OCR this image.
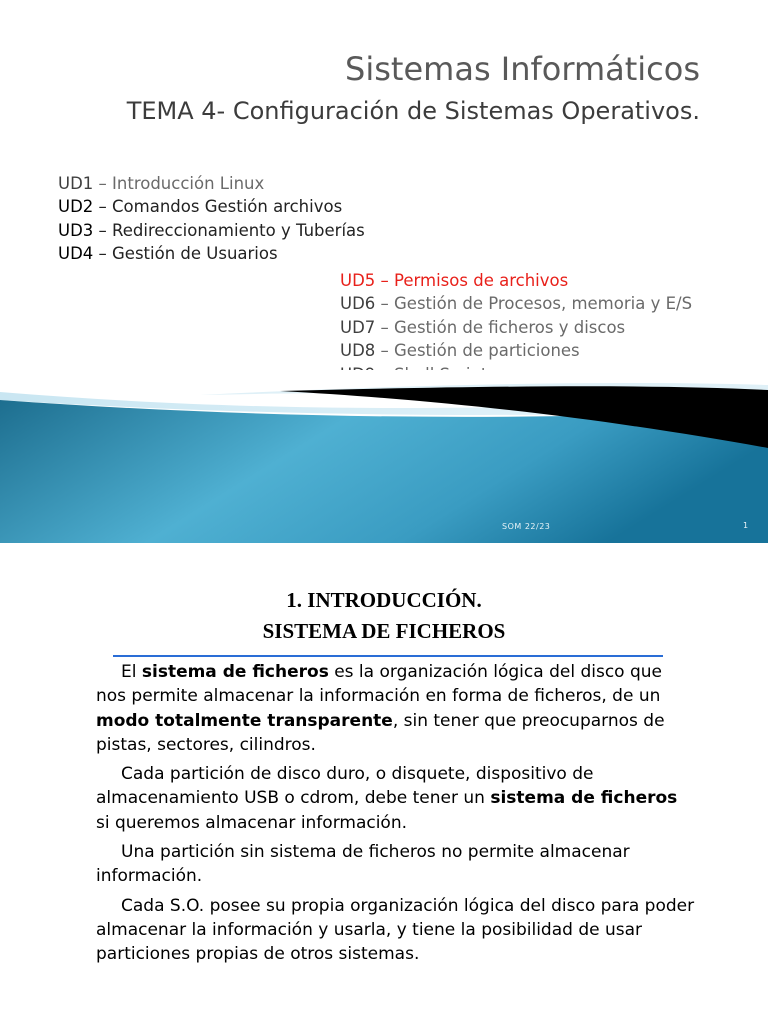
Sistemas Informáticos
TEMA 4- Configuración de Sistemas Operativos.
UD1 – Introducción Linux
UD2 – Comandos Gestión archivos
UD3 – Redireccionamiento y Tuberías
UD4 – Gestión de Usuarios
UD5 – Permisos de archivos
UD6 – Gestión de Procesos, memoria y E/S
UD7 – Gestión de ficheros y discos
UD8 – Gestión de particiones
SOM 22/23	1
1. INTRODUCCIÓN.
SISTEMA DE FICHEROS

El sistema de ficheros es la organización lógica del disco que nos permite almacenar la información en forma de ficheros, de un modo totalmente transparente, sin tener que preocuparnos de pistas, sectores, cilindros.

Cada partición de disco duro, o disquete, dispositivo de almacenamiento USB o cdrom, debe tener un sistema de ficheros si queremos almacenar información.

Una partición sin sistema de ficheros no permite almacenar información.

Cada S.O. posee su propia organización lógica del disco para poder almacenar la información y usarla, y tiene la posibilidad de usar particiones propias de otros sistemas.
